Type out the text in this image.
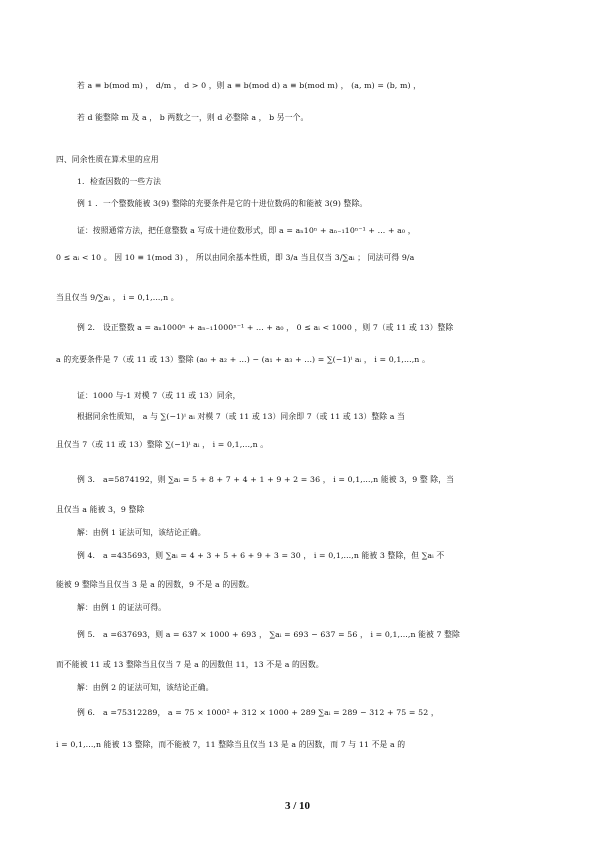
若 a ≡ b(mod m) ， d/m ， d > 0 ，则 a ≡ b(mod d) a ≡ b(mod m) ， (a, m) = (b, m) ，
若 d 能整除 m 及 a ， b 两数之一，则 d 必整除 a ， b 另一个。
四、同余性质在算术里的应用
1．检查因数的一些方法
例 1 ．一个整数能被 3(9) 整除的充要条件是它的十进位数码的和能被 3(9) 整除。
证：按照通常方法，把任意整数 a 写成十进位数形式，即 a = aₙ10ⁿ + aₙ₋₁10ⁿ⁻¹ + ... + a₀ ，
0 ≤ aᵢ < 10 。 因 10 ≡ 1(mod 3) ， 所以由同余基本性质，即 3/a 当且仅当 3/∑aᵢ ； 同法可得 9/a
当且仅当 9/∑aᵢ ， i = 0,1,...,n 。
例 2． 设正整数 a = aₙ1000ⁿ + aₙ₋₁1000ⁿ⁻¹ + ... + a₀ ， 0 ≤ aᵢ < 1000 ，则 7（或 11 或 13）整除
a 的充要条件是 7（或 11 或 13）整除 (a₀ + a₂ + ...) − (a₁ + a₃ + ...) = ∑(−1)ⁱ aᵢ ， i = 0,1,...,n 。
证：1000 与-1 对模 7（或 11 或 13）同余，
根据同余性质知， a 与 ∑(−1)ⁱ aᵢ 对模 7（或 11 或 13）同余即 7（或 11 或 13）整除 a 当
且仅当 7（或 11 或 13）整除 ∑(−1)ⁱ aᵢ ， i = 0,1,...,n 。
例 3． a=5874192，则 ∑aᵢ = 5 + 8 + 7 + 4 + 1 + 9 + 2 = 36 ， i = 0,1,...,n 能被 3，9 整 除，当
且仅当 a 能被 3，9 整除
解：由例 1 证法可知，该结论正确。
例 4． a =435693，则 ∑aᵢ = 4 + 3 + 5 + 6 + 9 + 3 = 30 ， i = 0,1,...,n 能被 3 整除，但 ∑aᵢ 不
能被 9 整除当且仅当 3 是 a 的因数，9 不是 a 的因数。
解：由例 1 的证法可得。
例 5． a =637693，则 a = 637 × 1000 + 693 ， ∑aᵢ = 693 − 637 = 56 ， i = 0,1,...,n 能被 7 整除
而不能被 11 或 13 整除当且仅当 7 是 a 的因数但 11，13 不是 a 的因数。
解：由例 2 的证法可知，该结论正确。
例 6． a =75312289， a = 75 × 1000² + 312 × 1000 + 289 ∑aᵢ = 289 − 312 + 75 = 52 ，
i = 0,1,...,n 能被 13 整除，而不能被 7，11 整除当且仅当 13 是 a 的因数，而 7 与 11 不是 a 的
3 / 10
